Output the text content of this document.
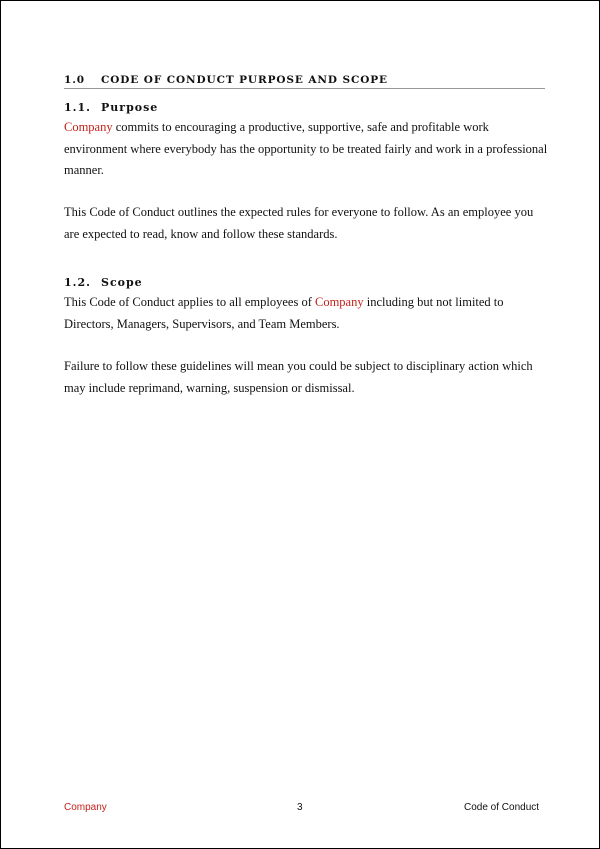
1.0 CODE OF CONDUCT PURPOSE AND SCOPE
1.1. Purpose

Company commits to encouraging a productive, supportive, safe and profitable work environment where everybody has the opportunity to be treated fairly and work in a professional manner.

This Code of Conduct outlines the expected rules for everyone to follow. As an employee you are expected to read, know and follow these standards.

1.2. Scope

This Code of Conduct applies to all employees of Company including but not limited to Directors, Managers, Supervisors, and Team Members.

Failure to follow these guidelines will mean you could be subject to disciplinary action which may include reprimand, warning, suspension or dismissal.

Company	3	Code of Conduct
